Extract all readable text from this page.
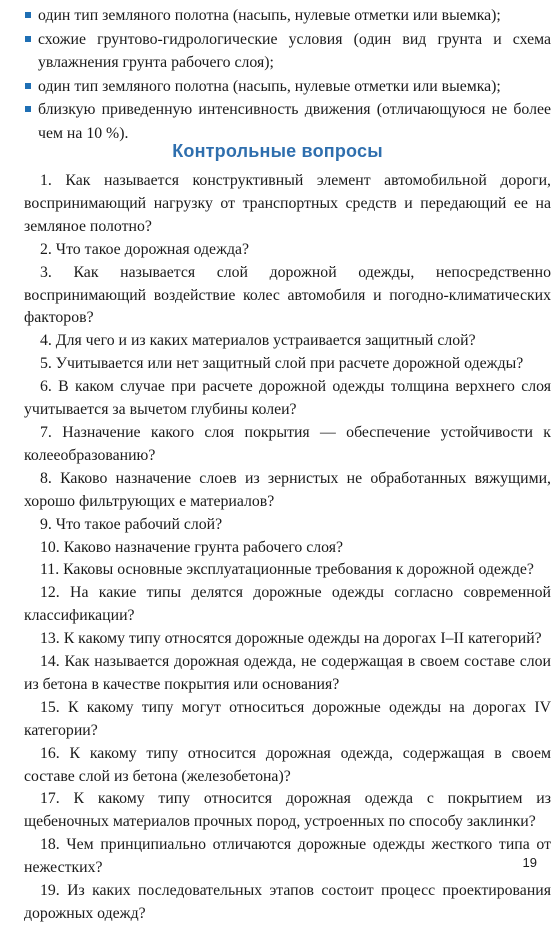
один тип земляного полотна (насыпь, нулевые отметки или выемка);
схожие грунтово-гидрологические условия (один вид грунта и схема увлажнения грунта рабочего слоя);
один тип земляного полотна (насыпь, нулевые отметки или выемка);
близкую приведенную интенсивность движения (отличающуюся не более чем на 10 %).
Контрольные вопросы

1. Как называется конструктивный элемент автомобильной дороги, воспринимающий нагрузку от транспортных средств и передающий ее на земляное полотно?

2. Что такое дорожная одежда?

3. Как называется слой дорожной одежды, непосредственно воспринимающий воздействие колес автомобиля и погодно-климатических факторов?

4. Для чего и из каких материалов устраивается защитный слой?

5. Учитывается или нет защитный слой при расчете дорожной одежды?

6. В каком случае при расчете дорожной одежды толщина верхнего слоя учитывается за вычетом глубины колеи?

7. Назначение какого слоя покрытия — обеспечение устойчивости к колееобразованию?

8. Каково назначение слоев из зернистых не обработанных вяжущими, хорошо фильтрующих е материалов?

9. Что такое рабочий слой?

10. Каково назначение грунта рабочего слоя?

11. Каковы основные эксплуатационные требования к дорожной одежде?

12. На какие типы делятся дорожные одежды согласно современной классификации?

13. К какому типу относятся дорожные одежды на дорогах I–II категорий?

14. Как называется дорожная одежда, не содержащая в своем составе слои из бетона в качестве покрытия или основания?

15. К какому типу могут относиться дорожные одежды на дорогах IV категории?

16. К какому типу относится дорожная одежда, содержащая в своем составе слой из бетона (железобетона)?

17. К какому типу относится дорожная одежда с покрытием из щебеночных материалов прочных пород, устроенных по способу заклинки?

18. Чем принципиально отличаются дорожные одежды жесткого типа от нежестких?

19. Из каких последовательных этапов состоит процесс проектирования дорожных одежд?

19
